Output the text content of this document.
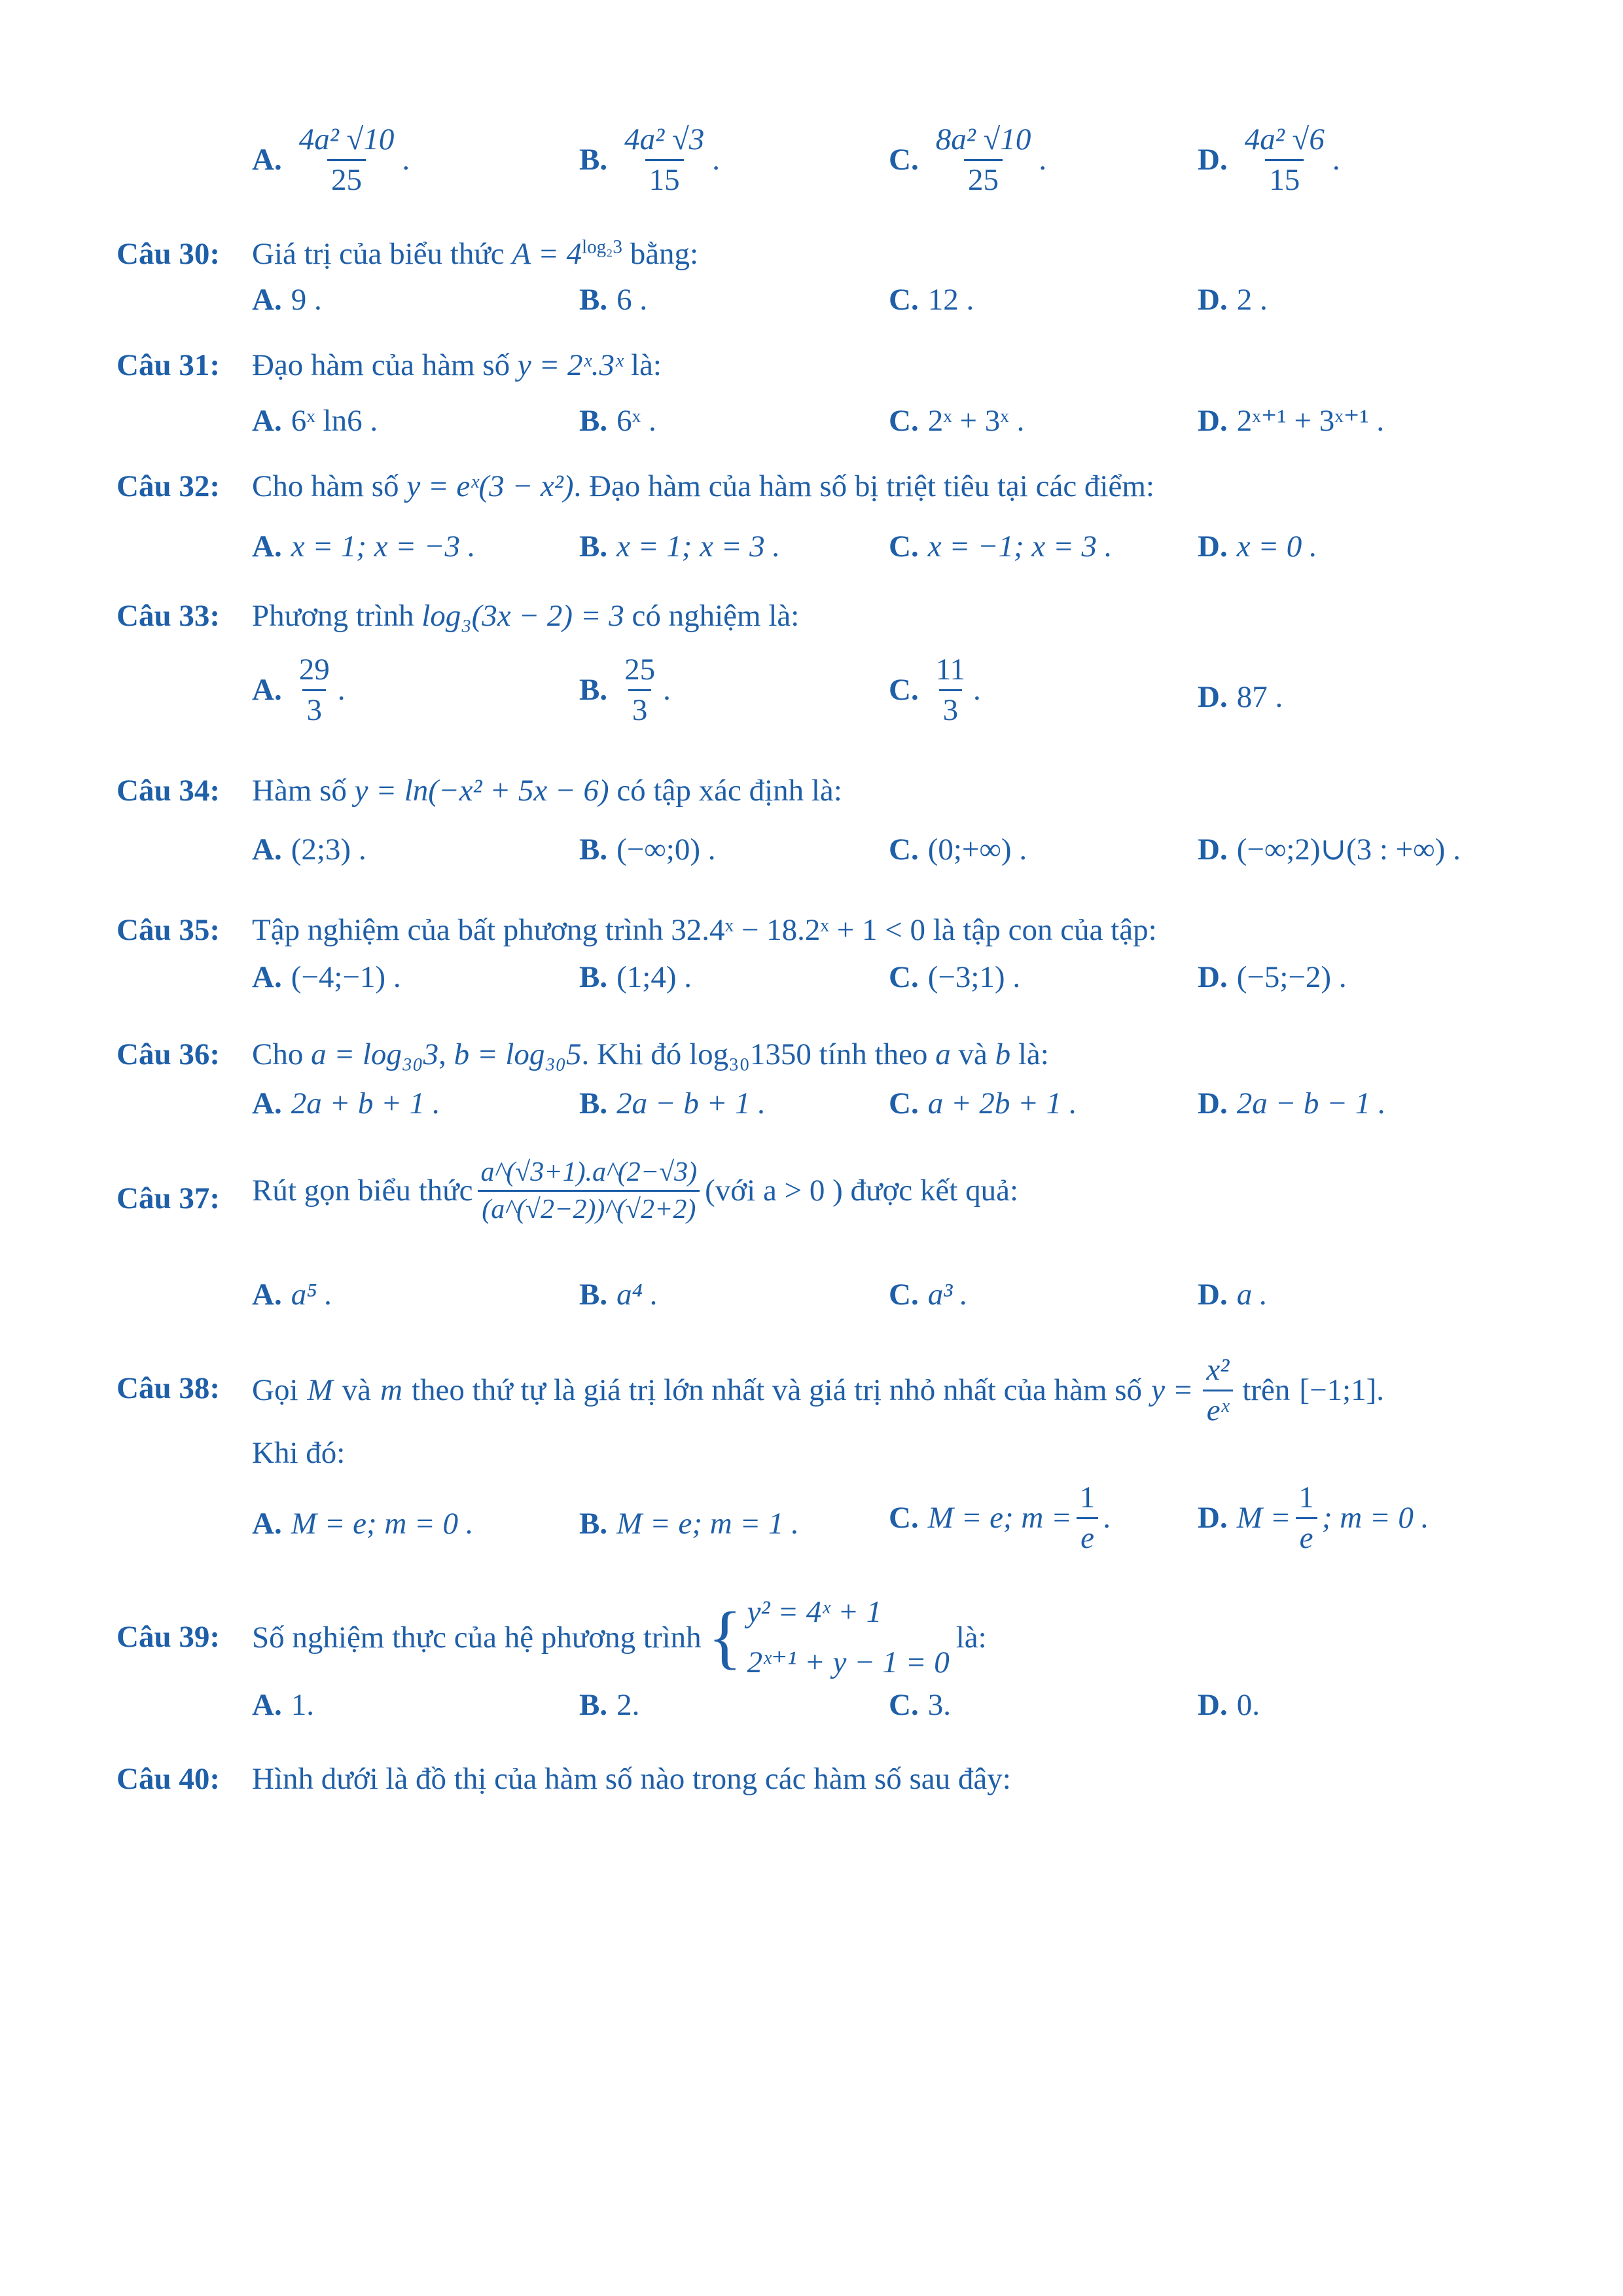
A. $\frac{\text{4a² √10}}{25}$ .	B. $\frac{\text{4a² √3}}{15}$ .	C. $\frac{\text{8a² √10}}{25}$ .	D. $\frac{\text{4a² √6}}{15}$ .
Câu 30: Giá trị của biểu thức $A = 4^{log_23}$ bằng:
A. 9 .	B. 6 .	C. 12 .	D. 2 .
Câu 31: Đạo hàm của hàm số y = 2ˣ.3ˣ là:
A. 6ˣ ln6 .	B. 6ˣ .	C. 2ˣ + 3ˣ .	D. 2ˣ⁺¹ + 3ˣ⁺¹ .
Câu 32: Cho hàm số y = eˣ(3 − x²). Đạo hàm của hàm số bị triệt tiêu tại các điểm:
A. x = 1; x = −3 .	B. x = 1; x = 3 .	C. x = −1; x = 3 .	D. x = 0 .
Câu 33: Phương trình log₃(3x − 2) = 3 có nghiệm là:
A. $\frac{29}{3}$ .	B. $\frac{25}{3}$ .	C. $\frac{11}{3}$ .	D. 87 .
Câu 34: Hàm số y = ln(−x² + 5x − 6) có tập xác định là:
A. (2;3) .	B. (−∞;0) .	C. (0;+∞) .	D. (−∞;2)∪(3 : +∞) .
Câu 35: Tập nghiệm của bất phương trình 32.4ˣ − 18.2ˣ + 1 < 0 là tập con của tập:
A. (−4;−1) .	B. (1;4) .	C. (−3;1) .	D. (−5;−2) .
Câu 36: Cho a = log₃₀3, b = log₃₀5. Khi đó log₃₀1350 tính theo a và b là:
A. 2a + b + 1 .	B. 2a − b + 1 .	C. a + 2b + 1 .	D. 2a − b − 1 .
Câu 37: Rút gọn biểu thức $\frac{a\^{}(√3+1).a\^{}(2-√3)}{(a\^{}(√2-2))\^{}(√2+2)}$ (với a > 0 ) được kết quả:
A. a⁵ .	B. a⁴ .	C. a³ .	D. a .
Câu 38: Gọi M và m theo thứ tự là giá trị lớn nhất và giá trị nhỏ nhất của hàm số $y = \frac{\text{x²}}{\text{eˣ}}$ trên [−1;1].
Khi đó:
A. M = e; m = 0 .	B. M = e; m = 1 .	C. M = e; $m = \frac{1}{e}$ .	D. $M = \frac{1}{e}$ ; m = 0 .
Câu 39: Số nghiệm thực của hệ phương trình { y² = 4ˣ + 1
2ˣ⁺¹ + y − 1 = 0
là:
A. 1.	B. 2.	C. 3.	D. 0.
Câu 40: Hình dưới là đồ thị của hàm số nào trong các hàm số sau đây:
